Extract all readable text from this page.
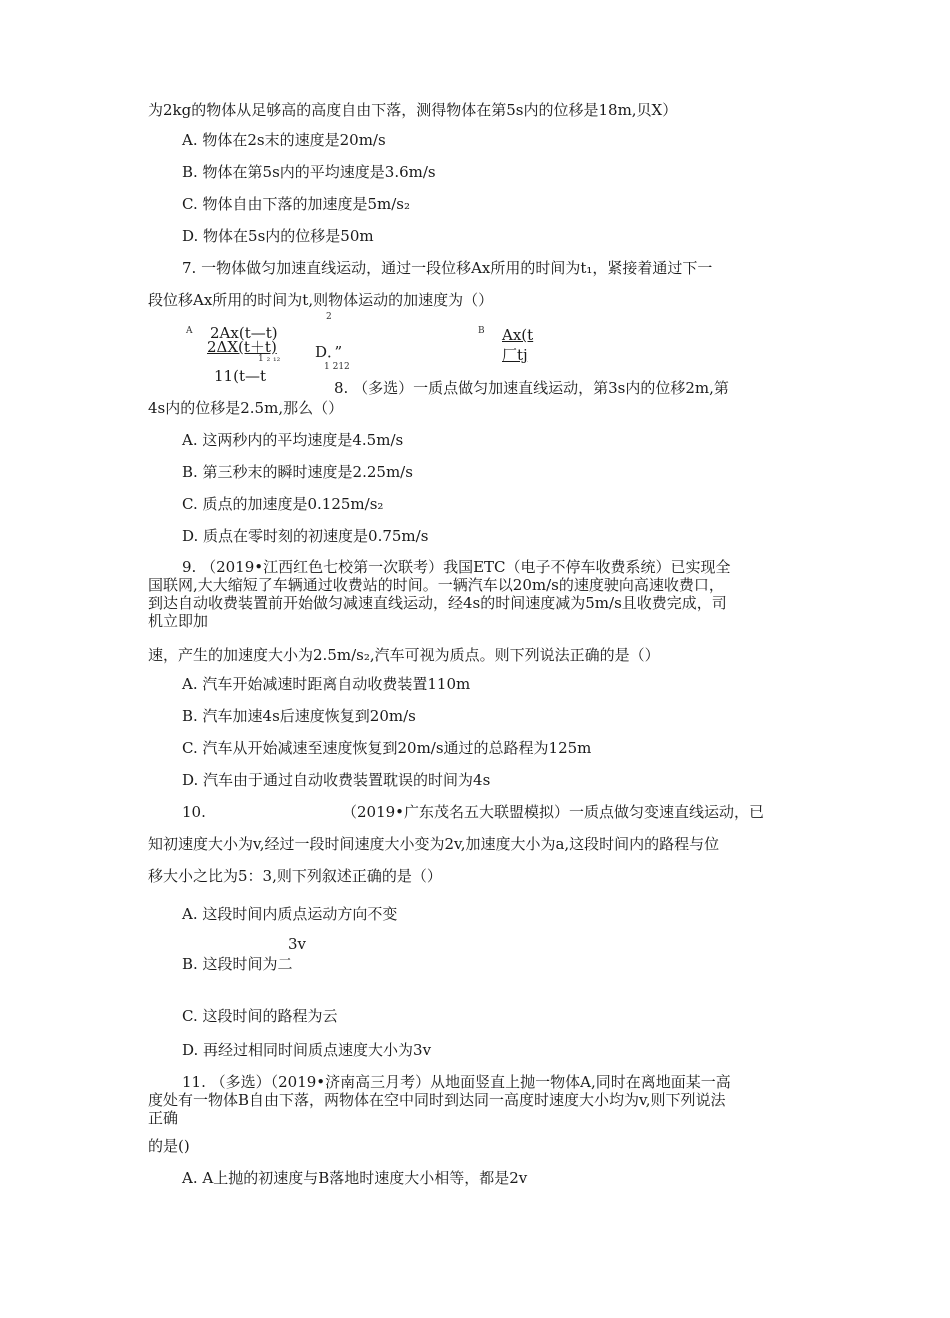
为2kg的物体从足够高的高度自由下落，测得物体在第5s内的位移是18m,贝X）
A. 物体在2s末的速度是20m/s
B. 物体在第5s内的平均速度是3.6m/s
C. 物体自由下落的加速度是5m/s₂
D. 物体在5s内的位移是50m
7. 一物体做匀加速直线运动，通过一段位移Ax所用的时间为t₁，紧接着通过下一
段位移Ax所用的时间为t,则物体运动的加速度为（）
2
A 2Ax(t—t)
2ΔX(t＋t)
1 ₂ ₁₂ D．”
B Ax(t
厂tj
11(t—t	1 212
8. （多选）一质点做匀加速直线运动，第3s内的位移2m,第
4s内的位移是2.5m,那么（）
A. 这两秒内的平均速度是4.5m/s
B. 第三秒末的瞬时速度是2.25m/s
C. 质点的加速度是0.125m/s₂
D. 质点在零时刻的初速度是0.75m/s
9. （2019•江西红色七校第一次联考）我国ETC（电子不停车收费系统）已实现全
国联网,大大缩短了车辆通过收费站的时间。一辆汽车以20m/s的速度驶向高速收费口，
到达自动收费装置前开始做匀减速直线运动，经4s的时间速度减为5m/s且收费完成，司
机立即加
速，产生的加速度大小为2.5m/s₂,汽车可视为质点。则下列说法正确的是（）
A. 汽车开始减速时距离自动收费装置110m
B. 汽车加速4s后速度恢复到20m/s
C. 汽车从开始减速至速度恢复到20m/s通过的总路程为125m
D. 汽车由于通过自动收费装置耽误的时间为4s
10.	（2019•广东茂名五大联盟模拟）一质点做匀变速直线运动，已
知初速度大小为v,经过一段时间速度大小变为2v,加速度大小为a,这段时间内的路程与位
移大小之比为5：3,则下列叙述正确的是（）
A. 这段时间内质点运动方向不变
3v
B. 这段时间为二
C. 这段时间的路程为云
D. 再经过相同时间质点速度大小为3v
11. （多选）（2019•济南高三月考）从地面竖直上抛一物体A,同时在离地面某一高
度处有一物体B自由下落，两物体在空中同时到达同一高度时速度大小均为v,则下列说法
正确
的是()
A. A上抛的初速度与B落地时速度大小相等，都是2v
